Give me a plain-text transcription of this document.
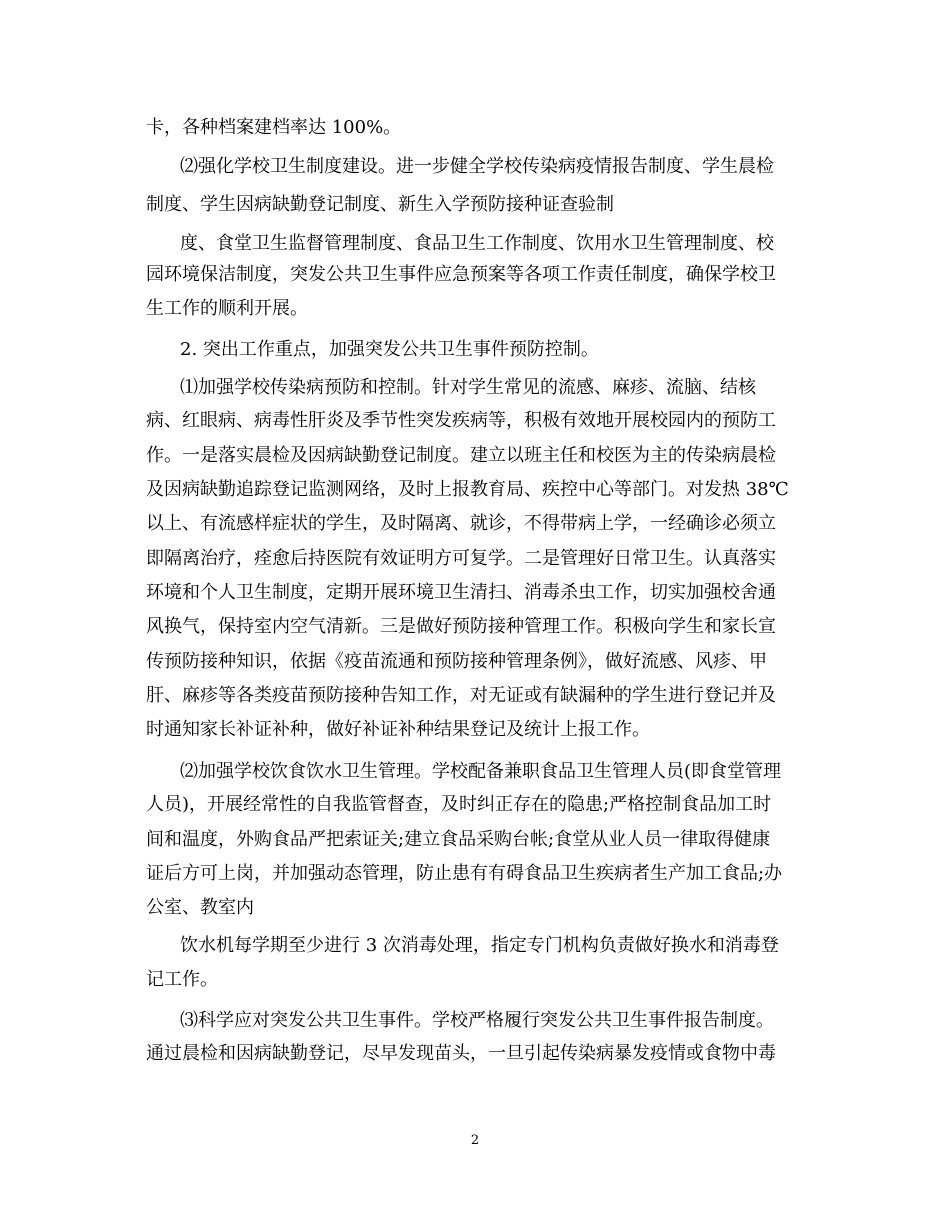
卡，各种档案建档率达 100%。
⑵强化学校卫生制度建设。进一步健全学校传染病疫情报告制度、学生晨检
制度、学生因病缺勤登记制度、新生入学预防接种证查验制
度、食堂卫生监督管理制度、食品卫生工作制度、饮用水卫生管理制度、校
园环境保洁制度，突发公共卫生事件应急预案等各项工作责任制度，确保学校卫
生工作的顺利开展。
2. 突出工作重点，加强突发公共卫生事件预防控制。
⑴加强学校传染病预防和控制。针对学生常见的流感、麻疹、流脑、结核
病、红眼病、病毒性肝炎及季节性突发疾病等，积极有效地开展校园内的预防工
作。一是落实晨检及因病缺勤登记制度。建立以班主任和校医为主的传染病晨检
及因病缺勤追踪登记监测网络，及时上报教育局、疾控中心等部门。对发热 38℃
以上、有流感样症状的学生，及时隔离、就诊，不得带病上学，一经确诊必须立
即隔离治疗，痊愈后持医院有效证明方可复学。二是管理好日常卫生。认真落实
环境和个人卫生制度，定期开展环境卫生清扫、消毒杀虫工作，切实加强校舍通
风换气，保持室内空气清新。三是做好预防接种管理工作。积极向学生和家长宣
传预防接种知识，依据《疫苗流通和预防接种管理条例》，做好流感、风疹、甲
肝、麻疹等各类疫苗预防接种告知工作，对无证或有缺漏种的学生进行登记并及
时通知家长补证补种，做好补证补种结果登记及统计上报工作。
⑵加强学校饮食饮水卫生管理。学校配备兼职食品卫生管理人员(即食堂管理
人员)，开展经常性的自我监管督查，及时纠正存在的隐患;严格控制食品加工时
间和温度，外购食品严把索证关;建立食品采购台帐;食堂从业人员一律取得健康
证后方可上岗，并加强动态管理，防止患有有碍食品卫生疾病者生产加工食品;办
公室、教室内
饮水机每学期至少进行 3 次消毒处理，指定专门机构负责做好换水和消毒登
记工作。
⑶科学应对突发公共卫生事件。学校严格履行突发公共卫生事件报告制度。
通过晨检和因病缺勤登记，尽早发现苗头，一旦引起传染病暴发疫情或食物中毒
2
